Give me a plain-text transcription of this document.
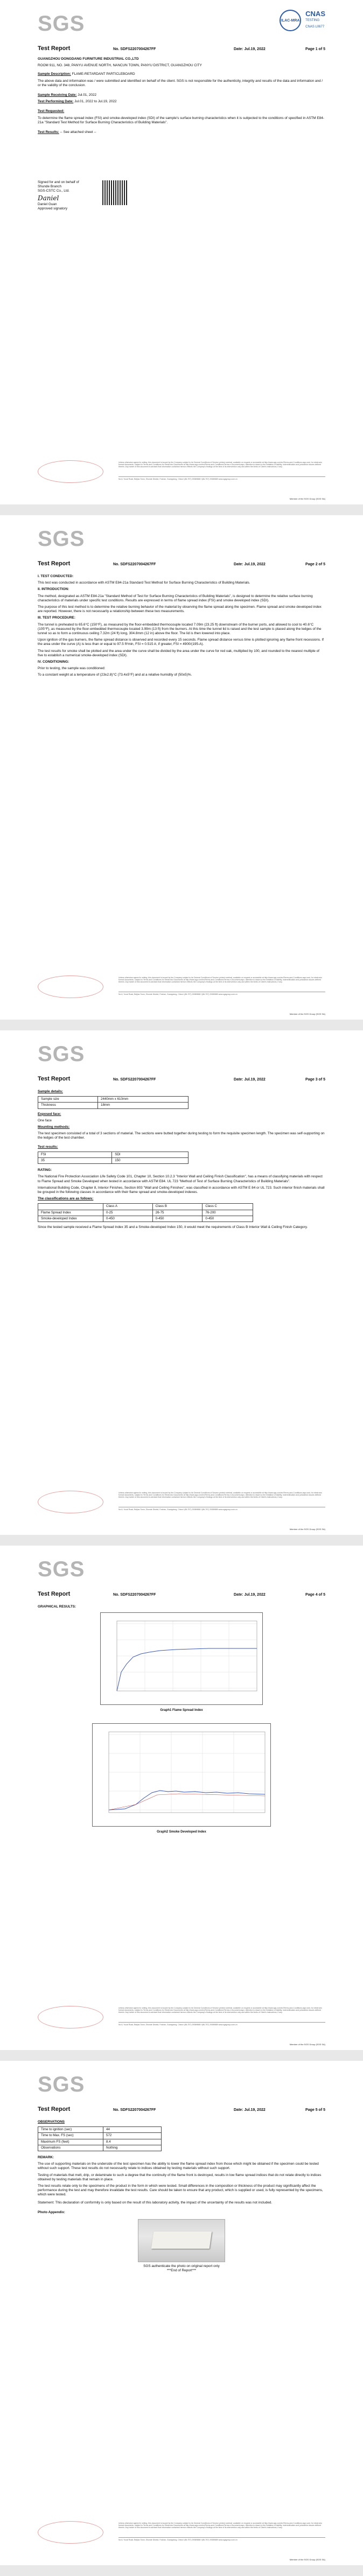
SGS	ILAC-MRA
CNAS
TESTING
CNAS L0677
Test Report	No. SDFS2207004267FF	Date: Jul.19, 2022	Page 1 of 5

GUANGZHOU DONGDANG FURNITURE INDUSTRIAL CO.,LTD

ROOM 911, NO. 348, PANYU AVENUE NORTH, NANCUN TOWN, PANYU DISTRICT, GUANGZHOU CITY

Sample Description: FLAME-RETARDANT PARTICLEBOARD

The above data and information was / were submitted and identified on behalf of the client. SGS is not responsible for the authenticity, integrity and results of the data and information and / or the validity of the conclusion.

Sample Receiving Date: Jul.01, 2022

Test Performing Date: Jul.01, 2022 to Jul.19, 2022

Test Requested:

To determine the flame spread index (FSI) and smoke-developed index (SDI) of the sample's surface burning characteristics when it is subjected to the conditions of specified in ASTM E84-21a "Standard Test Method for Surface Burning Characteristics of Building Materials".

Test Results: -- See attached sheet --

Signed for and on behalf of

Shunde Branch

SGS-CSTC Co., Ltd.

Daniel

Daniel Guan

Approved signatory

Unless otherwise agreed in writing, this document is issued by the Company subject to its General Conditions of Service printed overleaf, available on request or accessible at http://www.sgs.com/en/Terms-and-Conditions.aspx and, for electronic format documents, subject to Terms and Conditions for Electronic Documents at http://www.sgs.com/en/Terms-and-Conditions/Terms-e-Document.aspx. Attention is drawn to the limitation of liability, indemnification and jurisdiction issues defined therein. Any holder of this document is advised that information contained hereon reflects the Company's findings at the time of its intervention only and within the limits of Client's instructions, if any.
No.6, Yucai Road, Beijiao Town, Shunde District, Foshan, Guangdong, China t (86-757) 29389888 f (86-757) 29389889 www.sgsgroup.com.cn
Member of the SGS Group (SGS SA)
SGS
Test Report	No. SDFS2207004267FF	Date: Jul.19, 2022	Page 2 of 5

I. TEST CONDUCTED:

This test was conducted in accordance with ASTM E84-21a Standard Test Method for Surface Burning Characteristics of Building Materials.

II. INTRODUCTION:

The method, designated as ASTM E84-21a "Standard Method of Test for Surface Burning Characteristics of Building Materials", is designed to determine the relative surface burning characteristics of materials under specific test conditions. Results are expressed in terms of flame spread index (FSI) and smoke developed index (SDI).

The purpose of this test method is to determine the relative burning behavior of the material by observing the flame spread along the specimen. Flame spread and smoke developed index are reported. However, there is not necessarily a relationship between these two measurements.

III. TEST PROCEDURE:

The tunnel is preheated to 65.6°C (150°F), as measured by the floor-embedded thermocouple located 7.09m (23.25 ft) downstream of the burner ports, and allowed to cool to 40.6°C (105°F), as measured by the floor-embedded thermocouple located 3.99m (13 ft) from the burners. At this time the tunnel lid is raised and the test sample is placed along the ledges of the tunnel so as to form a continuous ceiling 7.32m (24 ft) long, 304.8mm (12 in) above the floor. The lid is then lowered into place.

Upon ignition of the gas burners, the flame spread distance is observed and recorded every 15 seconds. Flame spread distance versus time is plotted ignoring any flame front recessions. If the area under the curve (A) is less than or equal to 97.5 ft²min, FSI = 0.515 A; if greater, FSI = 4900/(195-A).

The test results for smoke shall be plotted and the area under the curve shall be divided by the area under the curve for red oak, multiplied by 100, and rounded to the nearest multiple of five to establish a numerical smoke-developed index (SDI).

IV. CONDITIONING:

Prior to testing, the sample was conditioned:

To a constant weight at a temperature of (23±2.8)°C (73.4±5°F) and at a relative humidity of (50±5)%.

Unless otherwise agreed in writing, this document is issued by the Company subject to its General Conditions of Service printed overleaf, available on request or accessible at http://www.sgs.com/en/Terms-and-Conditions.aspx and, for electronic format documents, subject to Terms and Conditions for Electronic Documents at http://www.sgs.com/en/Terms-and-Conditions/Terms-e-Document.aspx. Attention is drawn to the limitation of liability, indemnification and jurisdiction issues defined therein. Any holder of this document is advised that information contained hereon reflects the Company's findings at the time of its intervention only and within the limits of Client's instructions, if any.
No.6, Yucai Road, Beijiao Town, Shunde District, Foshan, Guangdong, China t (86-757) 29389888 f (86-757) 29389889 www.sgsgroup.com.cn
Member of the SGS Group (SGS SA)
SGS
Test Report	No. SDFS2207004267FF	Date: Jul.19, 2022	Page 3 of 5

Sample details:

Sample size	2440mm x 610mm
Thickness	18mm

Exposed face:

One face

Mounting methods:

The test specimen consisted of a total of 3 sections of material. The sections were butted together during testing to form the requisite specimen length. The specimen was self-supporting on the ledges of the test chamber.

Test results:

FSI	SDI
35	150

RATING:

The National Fire Protection Association Life Safety Code 101, Chapter 10, Section 10.2.3 "Interior Wall and Ceiling Finish Classification", has a means of classifying materials with respect to Flame Spread and Smoke Developed when tested in accordance with ASTM E84. UL 723 "Method of Test of Surface Burning Characteristics of Building Materials".

International Building Code, Chapter 8, Interior Finishes, Section 803 "Wall and Ceiling Finishes", was classified in accordance with ASTM E 84 or UL 723. Such interior finish materials shall be grouped in the following classes in accordance with their flame spread and smoke-developed indexes.

The classifications are as follows:

	Class A	Class B	Class C
Flame Spread Index	0-25	26-75	76-200
Smoke-developed Index	0-450	0-450	0-450

Since the tested sample received a Flame Spread Index 35 and a Smoke-developed Index 150, it would meet the requirements of Class B Interior Wall & Ceiling Finish Category.

Unless otherwise agreed in writing, this document is issued by the Company subject to its General Conditions of Service printed overleaf, available on request or accessible at http://www.sgs.com/en/Terms-and-Conditions.aspx and, for electronic format documents, subject to Terms and Conditions for Electronic Documents at http://www.sgs.com/en/Terms-and-Conditions/Terms-e-Document.aspx. Attention is drawn to the limitation of liability, indemnification and jurisdiction issues defined therein. Any holder of this document is advised that information contained hereon reflects the Company's findings at the time of its intervention only and within the limits of Client's instructions, if any.
No.6, Yucai Road, Beijiao Town, Shunde District, Foshan, Guangdong, China t (86-757) 29389888 f (86-757) 29389889 www.sgsgroup.com.cn
Member of the SGS Group (SGS SA)
SGS
Test Report	No. SDFS2207004267FF	Date: Jul.19, 2022	Page 4 of 5

GRAPHICAL RESULTS:

Graph1 Flame Spread Index

Graph2 Smoke Developed Index

Unless otherwise agreed in writing, this document is issued by the Company subject to its General Conditions of Service printed overleaf, available on request or accessible at http://www.sgs.com/en/Terms-and-Conditions.aspx and, for electronic format documents, subject to Terms and Conditions for Electronic Documents at http://www.sgs.com/en/Terms-and-Conditions/Terms-e-Document.aspx. Attention is drawn to the limitation of liability, indemnification and jurisdiction issues defined therein. Any holder of this document is advised that information contained hereon reflects the Company's findings at the time of its intervention only and within the limits of Client's instructions, if any.
No.6, Yucai Road, Beijiao Town, Shunde District, Foshan, Guangdong, China t (86-757) 29389888 f (86-757) 29389889 www.sgsgroup.com.cn
Member of the SGS Group (SGS SA)
SGS
Test Report	No. SDFS2207004267FF	Date: Jul.19, 2022	Page 5 of 5

OBSERVATIONS

Time to ignition (sec)	44
Time to Max. FS (sec)	572
Maximum FS (feet)	8.4
Observations	Nothing

REMARK:

The use of supporting materials on the underside of the test specimen has the ability to lower the flame spread index from those which might be obtained if the specimen could be tested without such support. These test results do not necessarily relate to indices obtained by testing materials without such support.

Testing of materials that melt, drip, or delaminate to such a degree that the continuity of the flame front is destroyed, results in low flame spread indices that do not relate directly to indices obtained by testing materials that remain in place.

The test results relate only to the specimens of the product in the form in which were tested. Small differences in the composition or thickness of the product may significantly affect the performance during the test and may therefore invalidate the test results. Care should be taken to ensure that any product, which is supplied or used, is fully represented by the specimens, which were tested.

Statement: This declaration of conformity is only based on the result of this laboratory activity, the impact of the uncertainty of the results was not included.

Photo Appendix:

SGS authenticate the photo on original report only

***End of Report***

Unless otherwise agreed in writing, this document is issued by the Company subject to its General Conditions of Service printed overleaf, available on request or accessible at http://www.sgs.com/en/Terms-and-Conditions.aspx and, for electronic format documents, subject to Terms and Conditions for Electronic Documents at http://www.sgs.com/en/Terms-and-Conditions/Terms-e-Document.aspx. Attention is drawn to the limitation of liability, indemnification and jurisdiction issues defined therein. Any holder of this document is advised that information contained hereon reflects the Company's findings at the time of its intervention only and within the limits of Client's instructions, if any.
No.6, Yucai Road, Beijiao Town, Shunde District, Foshan, Guangdong, China t (86-757) 29389888 f (86-757) 29389889 www.sgsgroup.com.cn
Member of the SGS Group (SGS SA)
